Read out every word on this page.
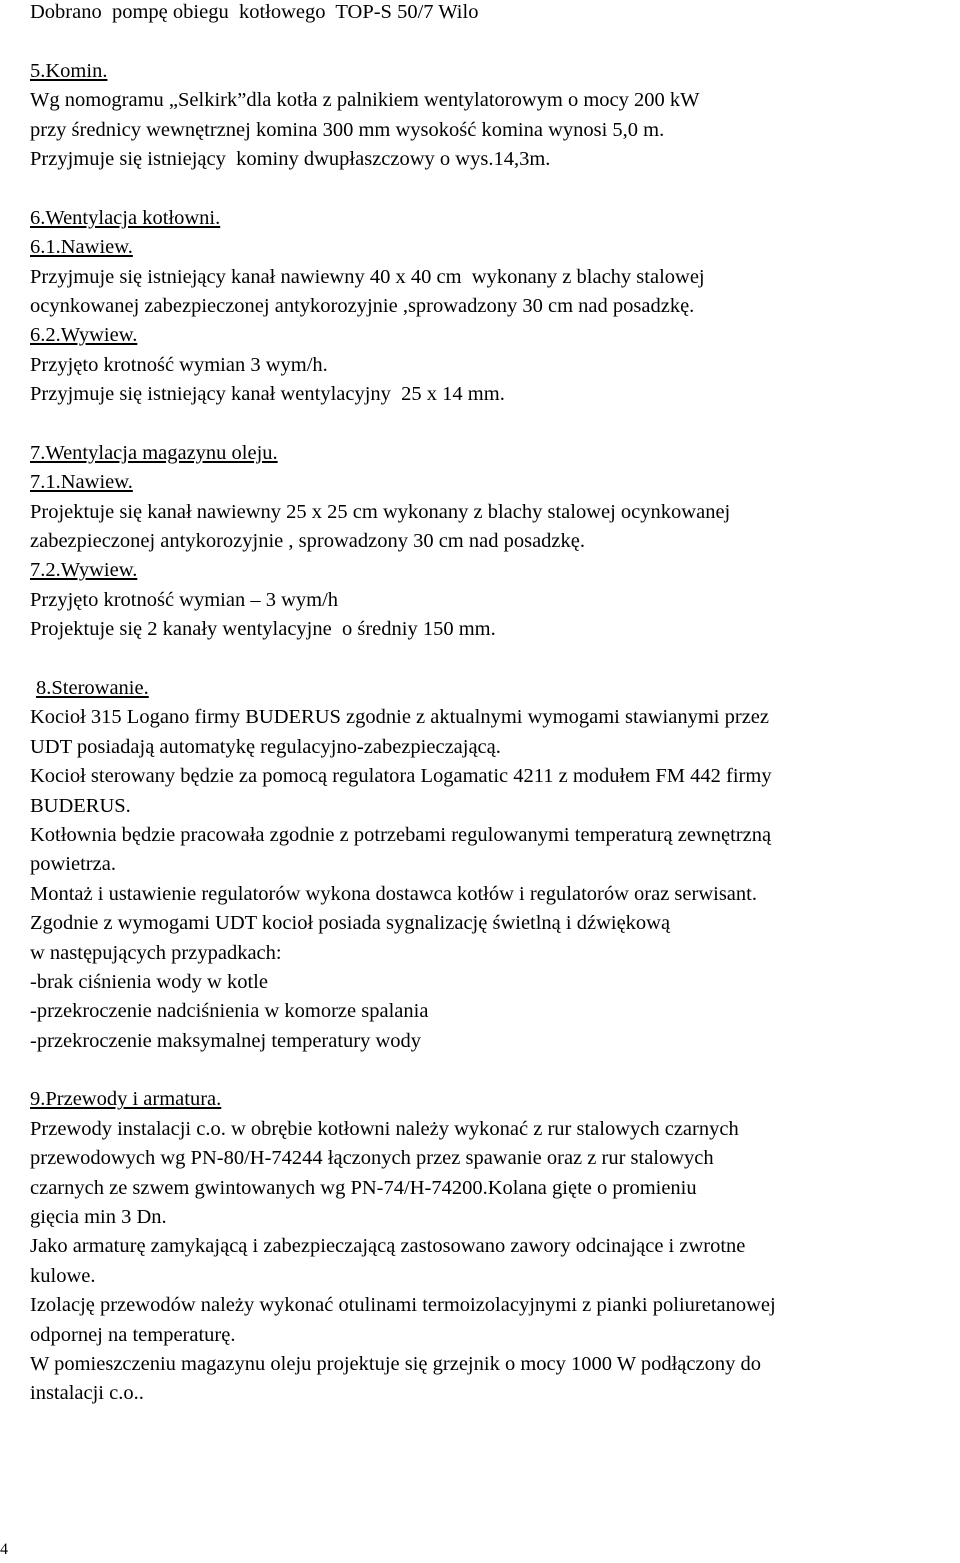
Dobrano  pompę obiegu  kotłowego  TOP-S 50/7 Wilo
5.Komin.
Wg nomogramu „Selkirk”dla kotła z palnikiem wentylatorowym o mocy 200 kW
przy średnicy wewnętrznej komina 300 mm wysokość komina wynosi 5,0 m.
Przyjmuje się istniejący  kominy dwupłaszczowy o wys.14,3m.
6.Wentylacja kotłowni.
6.1.Nawiew.
Przyjmuje się istniejący kanał nawiewny 40 x 40 cm  wykonany z blachy stalowej
ocynkowanej zabezpieczonej antykorozyjnie ,sprowadzony 30 cm nad posadzkę.
6.2.Wywiew.
Przyjęto krotność wymian 3 wym/h.
Przyjmuje się istniejący kanał wentylacyjny  25 x 14 mm.
7.Wentylacja magazynu oleju.
7.1.Nawiew.
Projektuje się kanał nawiewny 25 x 25 cm wykonany z blachy stalowej ocynkowanej
zabezpieczonej antykorozyjnie , sprowadzony 30 cm nad posadzkę.
7.2.Wywiew.
Przyjęto krotność wymian – 3 wym/h
Projektuje się 2 kanały wentylacyjne  o średniy 150 mm.
8.Sterowanie.
Kocioł 315 Logano firmy BUDERUS zgodnie z aktualnymi wymogami stawianymi przez
UDT posiadają automatykę regulacyjno-zabezpieczającą.
Kocioł sterowany będzie za pomocą regulatora Logamatic 4211 z modułem FM 442 firmy
BUDERUS.
Kotłownia będzie pracowała zgodnie z potrzebami regulowanymi temperaturą zewnętrzną
powietrza.
Montaż i ustawienie regulatorów wykona dostawca kotłów i regulatorów oraz serwisant.
Zgodnie z wymogami UDT kocioł posiada sygnalizację świetlną i dźwiękową
w następujących przypadkach:
-brak ciśnienia wody w kotle
-przekroczenie nadciśnienia w komorze spalania
-przekroczenie maksymalnej temperatury wody
9.Przewody i armatura.
Przewody instalacji c.o. w obrębie kotłowni należy wykonać z rur stalowych czarnych
przewodowych wg PN-80/H-74244 łączonych przez spawanie oraz z rur stalowych
czarnych ze szwem gwintowanych wg PN-74/H-74200.Kolana gięte o promieniu
gięcia min 3 Dn.
Jako armaturę zamykającą i zabezpieczającą zastosowano zawory odcinające i zwrotne
kulowe.
Izolację przewodów należy wykonać otulinami termoizolacyjnymi z pianki poliuretanowej
odpornej na temperaturę.
W pomieszczeniu magazynu oleju projektuje się grzejnik o mocy 1000 W podłączony do
instalacji c.o..
4
